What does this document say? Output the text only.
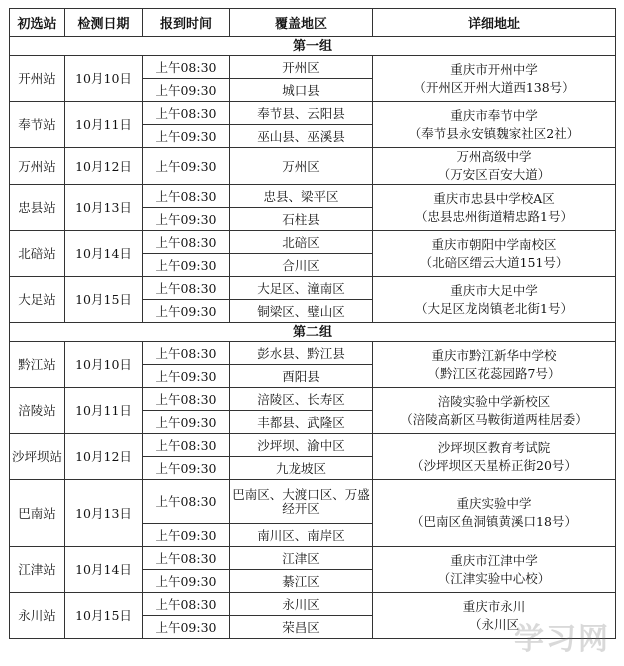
初选站	检测日期	报到时间	覆盖地区	详细地址
第一组				
开州站	10月10日	上午08:30	开州区	重庆市开州中学
（开州区开州大道西138号）

		上午09:30	城口县	
奉节站	10月11日	上午08:30	奉节县、云阳县	重庆市奉节中学
（奉节县永安镇魏家社区2社）

		上午09:30	巫山县、巫溪县	
万州站	10月12日	上午09:30	万州区	万州高级中学
（万安区百安大道）

忠县站	10月13日	上午08:30	忠县、梁平区	重庆市忠县中学校A区
（忠县忠州街道精忠路1号）

		上午09:30	石柱县	
北碚站	10月14日	上午08:30	北碚区	重庆市朝阳中学南校区
（北碚区缙云大道151号）

		上午09:30	合川区	
大足站	10月15日	上午08:30	大足区、潼南区	重庆市大足中学
（大足区龙岗镇老北街1号）

		上午09:30	铜梁区、璧山区	
第二组				
黔江站	10月10日	上午08:30	彭水县、黔江县	重庆市黔江新华中学校
（黔江区花蕊园路7号）

		上午09:30	酉阳县	
涪陵站	10月11日	上午08:30	涪陵区、长寿区	涪陵实验中学新校区
（涪陵高新区马鞍街道两桂居委）

		上午09:30	丰都县、武隆区	
沙坪坝站	10月12日	上午08:30	沙坪坝、渝中区	沙坪坝区教育考试院
（沙坪坝区天星桥正街20号）

		上午09:30	九龙坡区	
巴南站	10月13日	上午08:30	巴南区、大渡口区、万盛经开区	重庆实验中学
（巴南区鱼洞镇黄溪口18号）

		上午09:30	南川区、南岸区	
江津站	10月14日	上午08:30	江津区	重庆市江津中学
（江津实验中心校）

		上午09:30	綦江区	
永川站	10月15日	上午08:30	永川区	重庆市永川
（永川区

		上午09:30	荣昌区		学习网
